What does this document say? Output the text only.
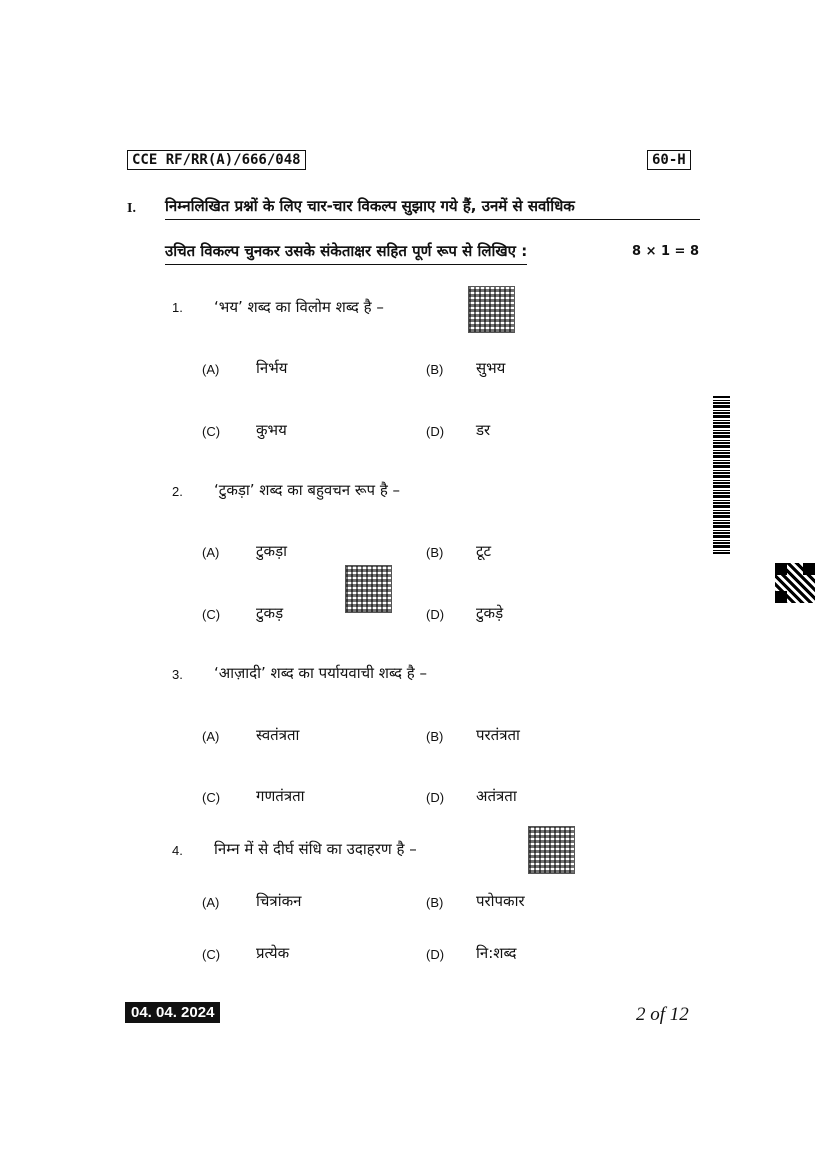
CCE RF/RR(A)/666/048	60-H
I. निम्नलिखित प्रश्नों के लिए चार-चार विकल्प सुझाए गये हैं, उनमें से सर्वाधिक
उचित विकल्प चुनकर उसके संकेताक्षर सहित पूर्ण रूप से लिखिए :	8 × 1 = 8
1. ‘भय’ शब्द का विलोम शब्द है –
(A) निर्भय	(B) सुभय
(C) कुभय	(D) डर
2. ‘टुकड़ा’ शब्द का बहुवचन रूप है –
(A) टुकड़ा	(B) टूट
(C) टुकड़	(D) टुकड़े
3. ‘आज़ादी’ शब्द का पर्यायवाची शब्द है –
(A) स्वतंत्रता	(B) परतंत्रता
(C) गणतंत्रता	(D) अतंत्रता
4. निम्न में से दीर्घ संधि का उदाहरण है –
(A) चित्रांकन	(B) परोपकार
(C) प्रत्येक	(D) नि:शब्द
04. 04. 2024	2 of 12
